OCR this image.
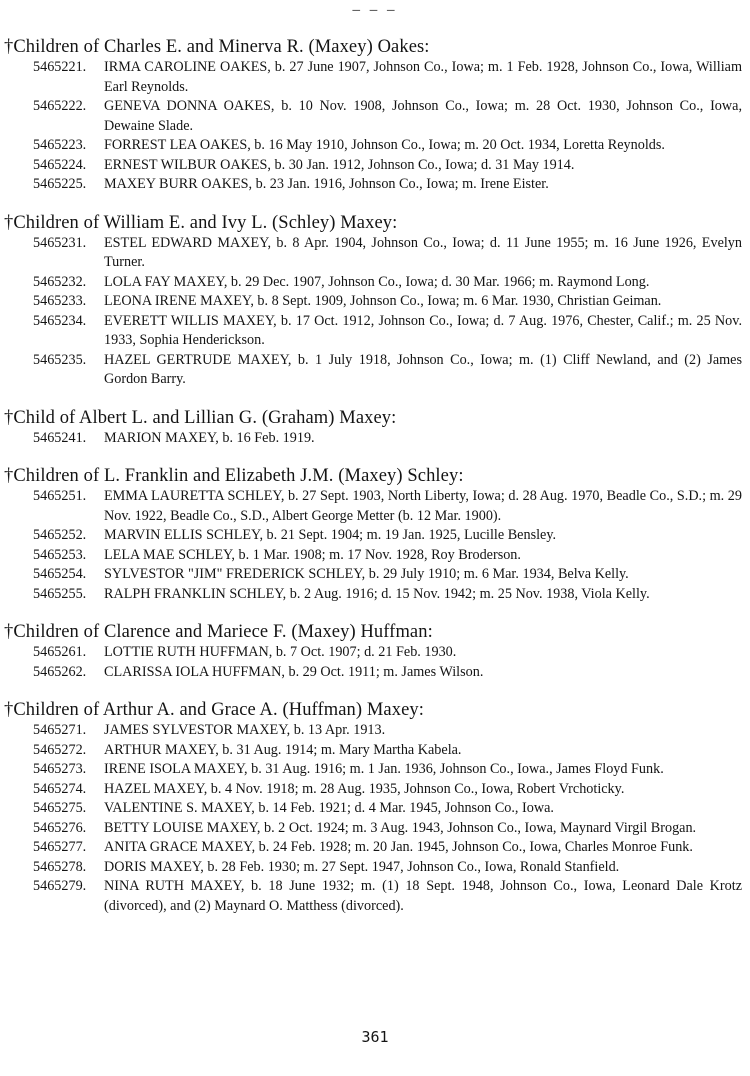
– – –
†Children of Charles E. and Minerva R. (Maxey) Oakes:
5465221. IRMA CAROLINE OAKES, b. 27 June 1907, Johnson Co., Iowa; m. 1 Feb. 1928, Johnson Co., Iowa, William Earl Reynolds.
5465222. GENEVA DONNA OAKES, b. 10 Nov. 1908, Johnson Co., Iowa; m. 28 Oct. 1930, Johnson Co., Iowa, Dewaine Slade.
5465223. FORREST LEA OAKES, b. 16 May 1910, Johnson Co., Iowa; m. 20 Oct. 1934, Loretta Reynolds.
5465224. ERNEST WILBUR OAKES, b. 30 Jan. 1912, Johnson Co., Iowa; d. 31 May 1914.
5465225. MAXEY BURR OAKES, b. 23 Jan. 1916, Johnson Co., Iowa; m. Irene Eister.
†Children of William E. and Ivy L. (Schley) Maxey:
5465231. ESTEL EDWARD MAXEY, b. 8 Apr. 1904, Johnson Co., Iowa; d. 11 June 1955; m. 16 June 1926, Evelyn Turner.
5465232. LOLA FAY MAXEY, b. 29 Dec. 1907, Johnson Co., Iowa; d. 30 Mar. 1966; m. Raymond Long.
5465233. LEONA IRENE MAXEY, b. 8 Sept. 1909, Johnson Co., Iowa; m. 6 Mar. 1930, Christian Geiman.
5465234. EVERETT WILLIS MAXEY, b. 17 Oct. 1912, Johnson Co., Iowa; d. 7 Aug. 1976, Chester, Calif.; m. 25 Nov. 1933, Sophia Henderickson.
5465235. HAZEL GERTRUDE MAXEY, b. 1 July 1918, Johnson Co., Iowa; m. (1) Cliff Newland, and (2) James Gordon Barry.
†Child of Albert L. and Lillian G. (Graham) Maxey:
5465241. MARION MAXEY, b. 16 Feb. 1919.
†Children of L. Franklin and Elizabeth J.M. (Maxey) Schley:
5465251. EMMA LAURETTA SCHLEY, b. 27 Sept. 1903, North Liberty, Iowa; d. 28 Aug. 1970, Beadle Co., S.D.; m. 29 Nov. 1922, Beadle Co., S.D., Albert George Metter (b. 12 Mar. 1900).
5465252. MARVIN ELLIS SCHLEY, b. 21 Sept. 1904; m. 19 Jan. 1925, Lucille Bensley.
5465253. LELA MAE SCHLEY, b. 1 Mar. 1908; m. 17 Nov. 1928, Roy Broderson.
5465254. SYLVESTOR "JIM" FREDERICK SCHLEY, b. 29 July 1910; m. 6 Mar. 1934, Belva Kelly.
5465255. RALPH FRANKLIN SCHLEY, b. 2 Aug. 1916; d. 15 Nov. 1942; m. 25 Nov. 1938, Viola Kelly.
†Children of Clarence and Mariece F. (Maxey) Huffman:
5465261. LOTTIE RUTH HUFFMAN, b. 7 Oct. 1907; d. 21 Feb. 1930.
5465262. CLARISSA IOLA HUFFMAN, b. 29 Oct. 1911; m. James Wilson.
†Children of Arthur A. and Grace A. (Huffman) Maxey:
5465271. JAMES SYLVESTOR MAXEY, b. 13 Apr. 1913.
5465272. ARTHUR MAXEY, b. 31 Aug. 1914; m. Mary Martha Kabela.
5465273. IRENE ISOLA MAXEY, b. 31 Aug. 1916; m. 1 Jan. 1936, Johnson Co., Iowa., James Floyd Funk.
5465274. HAZEL MAXEY, b. 4 Nov. 1918; m. 28 Aug. 1935, Johnson Co., Iowa, Robert Vrchoticky.
5465275. VALENTINE S. MAXEY, b. 14 Feb. 1921; d. 4 Mar. 1945, Johnson Co., Iowa.
5465276. BETTY LOUISE MAXEY, b. 2 Oct. 1924; m. 3 Aug. 1943, Johnson Co., Iowa, Maynard Virgil Brogan.
5465277. ANITA GRACE MAXEY, b. 24 Feb. 1928; m. 20 Jan. 1945, Johnson Co., Iowa, Charles Monroe Funk.
5465278. DORIS MAXEY, b. 28 Feb. 1930; m. 27 Sept. 1947, Johnson Co., Iowa, Ronald Stanfield.
5465279. NINA RUTH MAXEY, b. 18 June 1932; m. (1) 18 Sept. 1948, Johnson Co., Iowa, Leonard Dale Krotz (divorced), and (2) Maynard O. Matthess (divorced).
361
